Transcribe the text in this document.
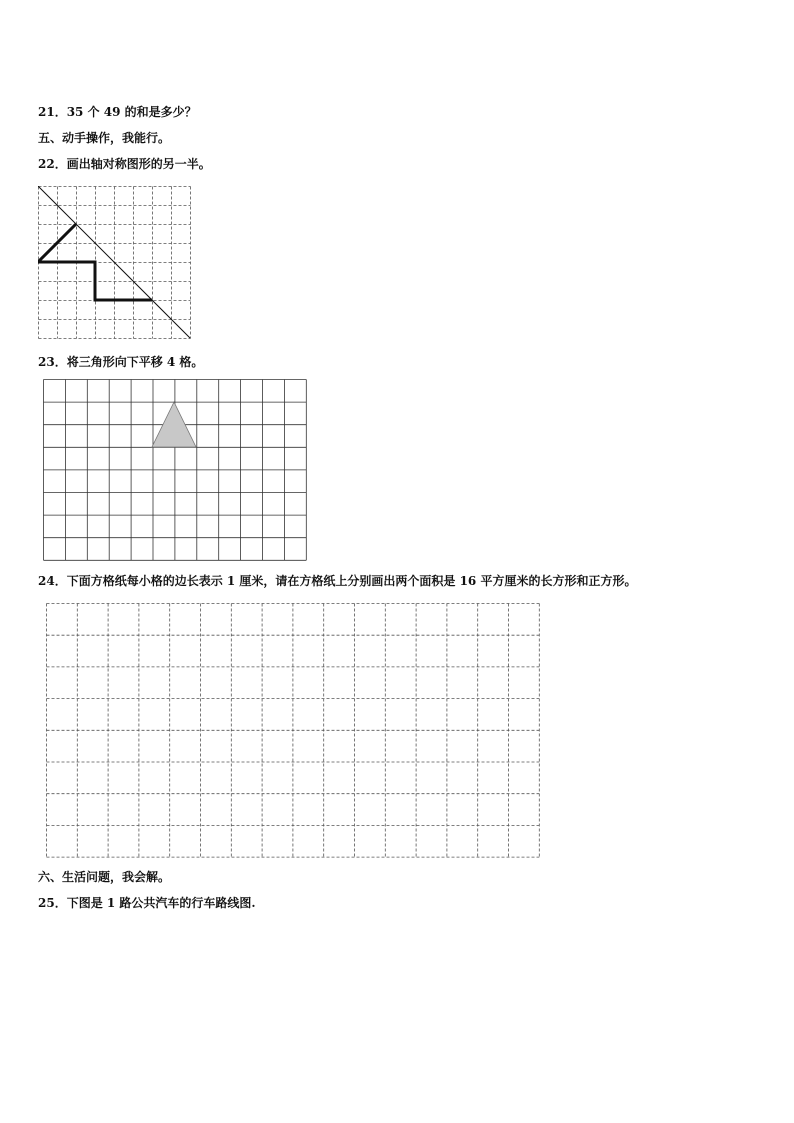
21．35 个 49 的和是多少？
五、动手操作，我能行。
22．画出轴对称图形的另一半。
23．将三角形向下平移 4 格。
24．下面方格纸每小格的边长表示 1 厘米，请在方格纸上分别画出两个面积是 16 平方厘米的长方形和正方形。
六、生活问题，我会解。
25．下图是 1 路公共汽车的行车路线图.
